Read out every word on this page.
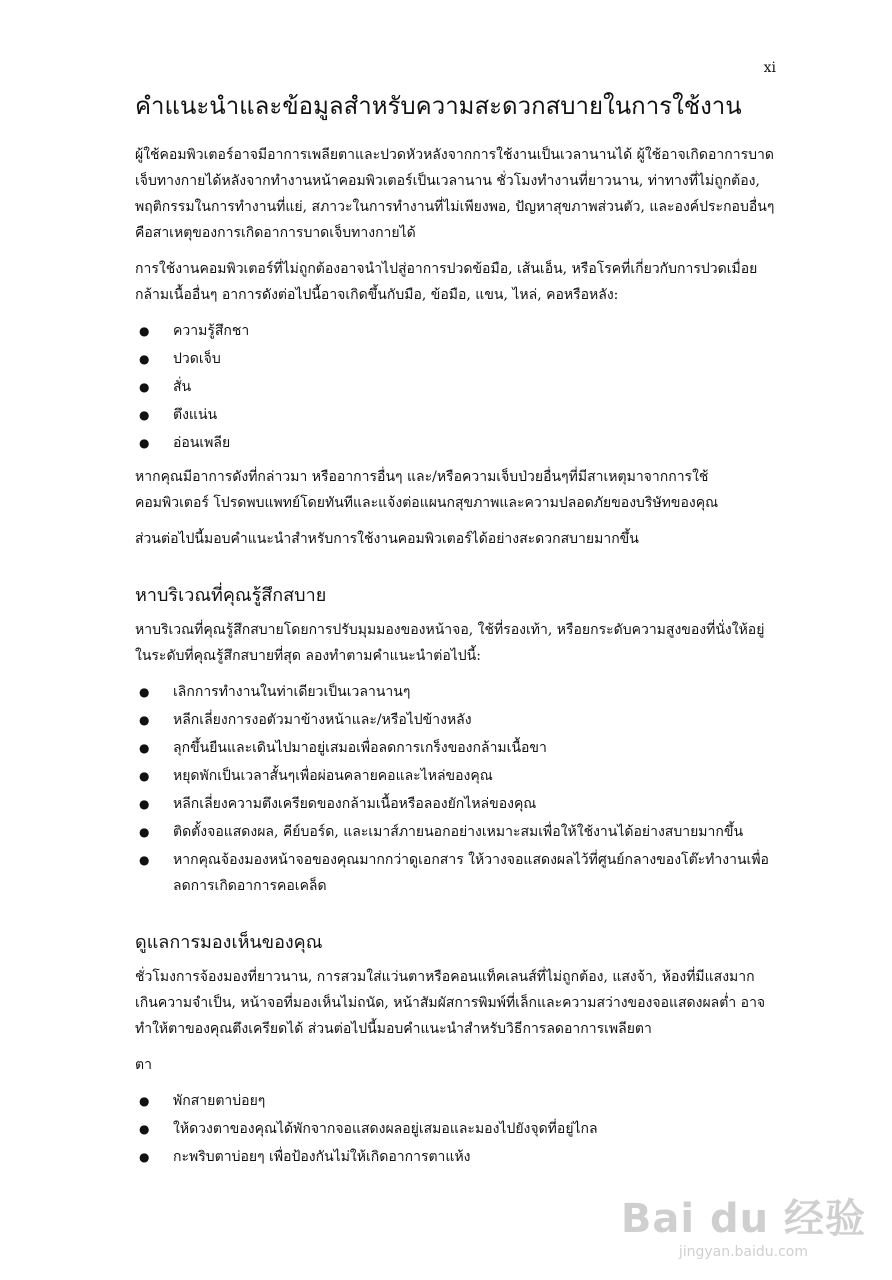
xi
คำแนะนำและข้อมูลสำหรับความสะดวกสบายในการใช้งาน

ผู้ใช้คอมพิวเตอร์อาจมีอาการเพลียตาและปวดหัวหลังจากการใช้งานเป็นเวลานานได้ ผู้ใช้อาจเกิดอาการบาดเจ็บทางกายได้หลังจากทำงานหน้าคอมพิวเตอร์เป็นเวลานาน ชั่วโมงทำงานที่ยาวนาน, ท่าทางที่ไม่ถูกต้อง, พฤติกรรมในการทำงานที่แย่, สภาวะในการทำงานที่ไม่เพียงพอ, ปัญหาสุขภาพส่วนตัว, และองค์ประกอบอื่นๆคือสาเหตุของการเกิดอาการบาดเจ็บทางกายได้

การใช้งานคอมพิวเตอร์ที่ไม่ถูกต้องอาจนำไปสู่อาการปวดข้อมือ, เส้นเอ็น, หรือโรคที่เกี่ยวกับการปวดเมื่อยกล้ามเนื้ออื่นๆ อาการดังต่อไปนี้อาจเกิดขึ้นกับมือ, ข้อมือ, แขน, ไหล่, คอหรือหลัง:

● ความรู้สึกชา
● ปวดเจ็บ
● สั่น
● ตึงแน่น
● อ่อนเพลีย

หากคุณมีอาการดังที่กล่าวมา หรืออาการอื่นๆ และ/หรือความเจ็บป่วยอื่นๆที่มีสาเหตุมาจากการใช้คอมพิวเตอร์ โปรดพบแพทย์โดยทันทีและแจ้งต่อแผนกสุขภาพและความปลอดภัยของบริษัทของคุณ

ส่วนต่อไปนี้มอบคำแนะนำสำหรับการใช้งานคอมพิวเตอร์ได้อย่างสะดวกสบายมากขึ้น

หาบริเวณที่คุณรู้สึกสบาย

หาบริเวณที่คุณรู้สึกสบายโดยการปรับมุมมองของหน้าจอ, ใช้ที่รองเท้า, หรือยกระดับความสูงของที่นั่งให้อยู่ในระดับที่คุณรู้สึกสบายที่สุด ลองทำตามคำแนะนำต่อไปนี้:

● เลิกการทำงานในท่าเดียวเป็นเวลานานๆ
● หลีกเลี่ยงการงอตัวมาข้างหน้าและ/หรือไปข้างหลัง
● ลุกขึ้นยืนและเดินไปมาอยู่เสมอเพื่อลดการเกร็งของกล้ามเนื้อขา
● หยุดพักเป็นเวลาสั้นๆเพื่อผ่อนคลายคอและไหล่ของคุณ
● หลีกเลี่ยงความตึงเครียดของกล้ามเนื้อหรือลองยักไหล่ของคุณ
● ติดตั้งจอแสดงผล, คีย์บอร์ด, และเมาส์ภายนอกอย่างเหมาะสมเพื่อให้ใช้งานได้อย่างสบายมากขึ้น
● หากคุณจ้องมองหน้าจอของคุณมากกว่าดูเอกสาร ให้วางจอแสดงผลไว้ที่ศูนย์กลางของโต๊ะทำงานเพื่อลดการเกิดอาการคอเคล็ด
ดูแลการมองเห็นของคุณ

ชั่วโมงการจ้องมองที่ยาวนาน, การสวมใส่แว่นตาหรือคอนแท็คเลนส์ที่ไม่ถูกต้อง, แสงจ้า, ห้องที่มีแสงมากเกินความจำเป็น, หน้าจอที่มองเห็นไม่ถนัด, หน้าสัมผัสการพิมพ์ที่เล็กและความสว่างของจอแสดงผลต่ำ อาจทำให้ตาของคุณตึงเครียดได้ ส่วนต่อไปนี้มอบคำแนะนำสำหรับวิธีการลดอาการเพลียตา

ตา

● พักสายตาบ่อยๆ
● ให้ดวงตาของคุณได้พักจากจอแสดงผลอยู่เสมอและมองไปยังจุดที่อยู่ไกล
● กะพริบตาบ่อยๆ เพื่อป้องกันไม่ให้เกิดอาการตาแห้ง
Bai du 经验
jingyan.baidu.com
